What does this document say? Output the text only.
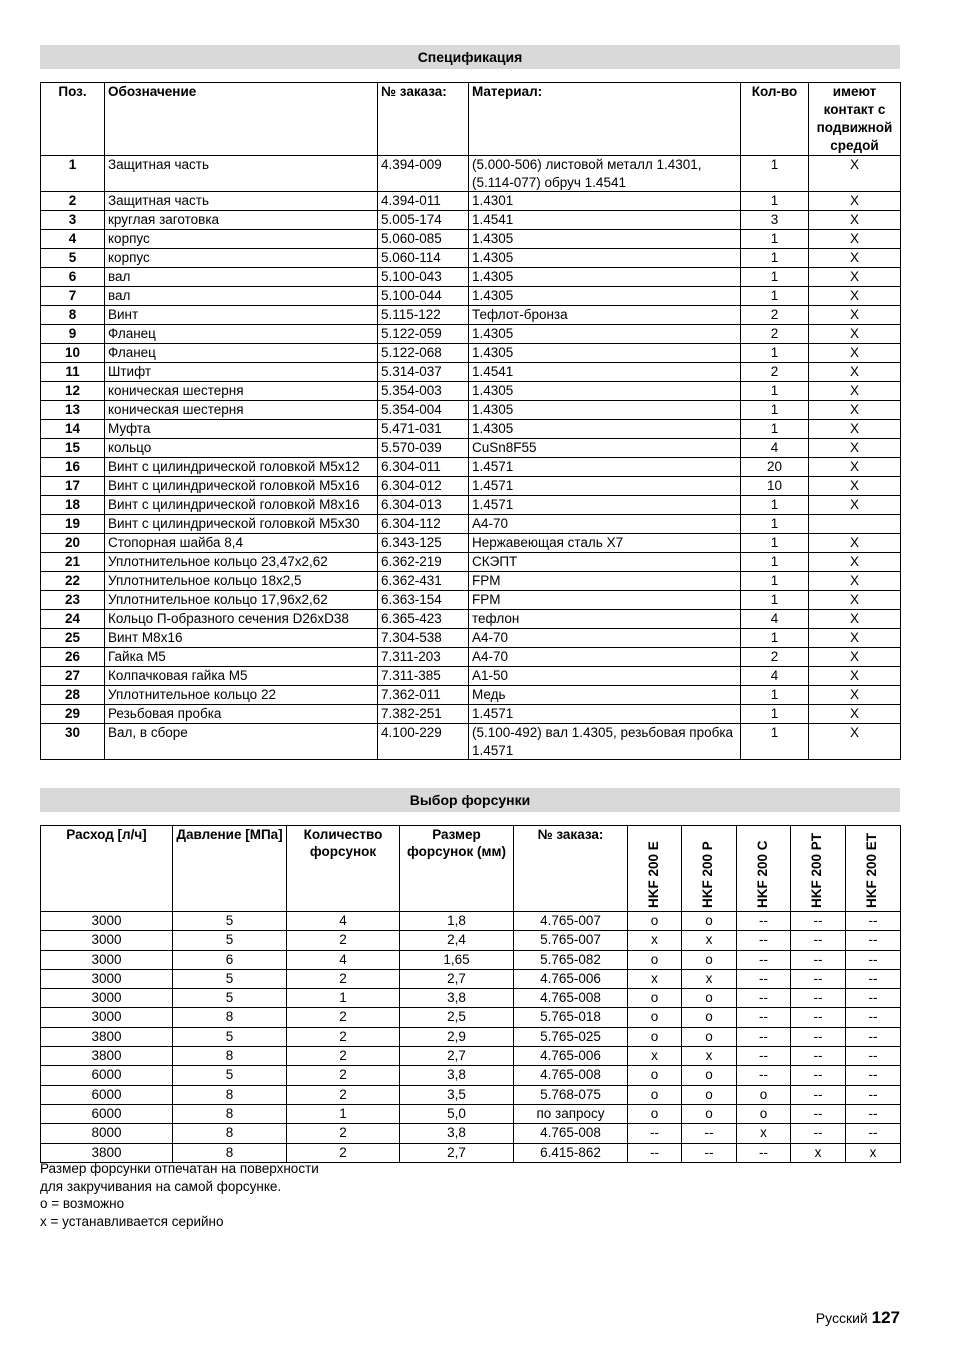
Спецификация
Поз.	Обозначение	№ заказа:	Материал:	Кол-во	имеют контакт с подвижной средой
1	Защитная часть	4.394-009	(5.000-506) листовой металл 1.4301, (5.114-077) обруч 1.4541	1	X
2	Защитная часть	4.394-011	1.4301	1	X
3	круглая заготовка	5.005-174	1.4541	3	X
4	корпус	5.060-085	1.4305	1	X
5	корпус	5.060-114	1.4305	1	X
6	вал	5.100-043	1.4305	1	X
7	вал	5.100-044	1.4305	1	X
8	Винт	5.115-122	Тефлот-бронза	2	X
9	Фланец	5.122-059	1.4305	2	X
10	Фланец	5.122-068	1.4305	1	X
11	Штифт	5.314-037	1.4541	2	X
12	коническая шестерня	5.354-003	1.4305	1	X
13	коническая шестерня	5.354-004	1.4305	1	X
14	Муфта	5.471-031	1.4305	1	X
15	кольцо	5.570-039	CuSn8F55	4	X
16	Винт с цилиндрической головкой M5x12	6.304-011	1.4571	20	X
17	Винт с цилиндрической головкой M5x16	6.304-012	1.4571	10	X
18	Винт с цилиндрической головкой M8x16	6.304-013	1.4571	1	X
19	Винт с цилиндрической головкой M5x30	6.304-112	A4-70	1	
20	Стопорная шайба 8,4	6.343-125	Нержавеющая сталь X7	1	X
21	Уплотнительное кольцо 23,47x2,62	6.362-219	СКЭПТ	1	X
22	Уплотнительное кольцо 18x2,5	6.362-431	FPM	1	X
23	Уплотнительное кольцо 17,96x2,62	6.363-154	FPM	1	X
24	Кольцо П-образного сечения D26xD38	6.365-423	тефлон	4	X
25	Винт M8x16	7.304-538	A4-70	1	X
26	Гайка M5	7.311-203	A4-70	2	X
27	Колпачковая гайка M5	7.311-385	A1-50	4	X
28	Уплотнительное кольцо 22	7.362-011	Медь	1	X
29	Резьбовая пробка	7.382-251	1.4571	1	X
30	Вал, в сборе	4.100-229	(5.100-492) вал 1.4305, резьбовая пробка 1.4571	1	X
Выбор форсунки
Расход [л/ч]	Давление [МПа]	Количество форсунок	Размер форсунок (мм)	№ заказа:	HKF 200 E	HKF 200 P	HKF 200 C	HKF 200 PT	HKF 200 ET

3000	5	4	1,8	4.765-007	o	o	--	--	--
3000	5	2	2,4	5.765-007	x	x	--	--	--
3000	6	4	1,65	5.765-082	o	o	--	--	--
3000	5	2	2,7	4.765-006	x	x	--	--	--
3000	5	1	3,8	4.765-008	o	o	--	--	--
3000	8	2	2,5	5.765-018	o	o	--	--	--
3800	5	2	2,9	5.765-025	o	o	--	--	--
3800	8	2	2,7	4.765-006	x	x	--	--	--
6000	5	2	3,8	4.765-008	o	o	--	--	--
6000	8	2	3,5	5.768-075	o	o	o	--	--
6000	8	1	5,0	по запросу	o	o	o	--	--
8000	8	2	3,8	4.765-008	--	--	x	--	--
3800	8	2	2,7	6.415-862	--	--	--	x	x
Размер форсунки отпечатан на поверхности для закручивания на самой форсунке.
o = возможно
x = устанавливается серийно
Русский 127
